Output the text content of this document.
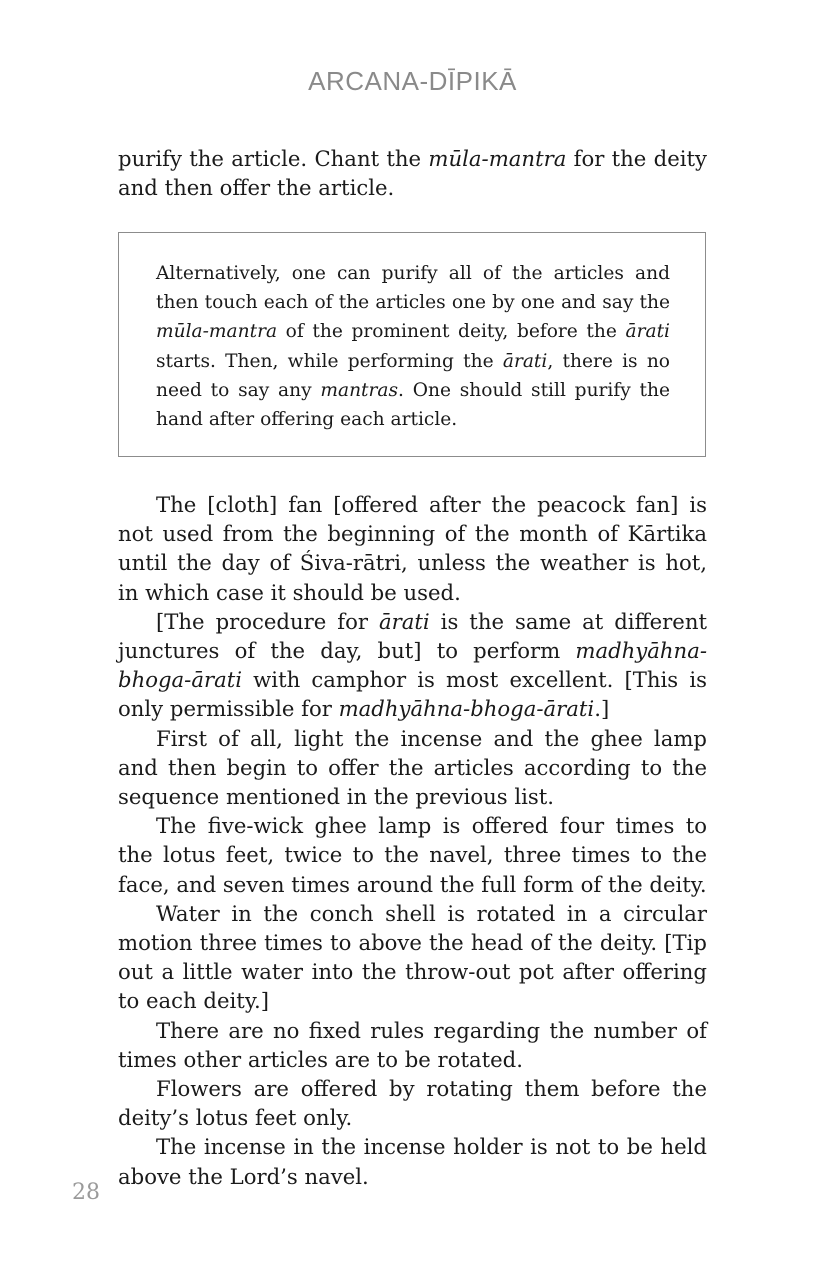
ARCANA-DĪPIKĀ

purify the article. Chant the mūla-mantra for the deity and then offer the article.

Alternatively, one can purify all of the articles and then touch each of the articles one by one and say the mūla-mantra of the prominent deity, before the ārati starts. Then, while performing the ārati, there is no need to say any mantras. One should still purify the hand after offering each article.

The [cloth] fan [offered after the peacock fan] is not used from the beginning of the month of Kārtika until the day of Śiva-rātri, unless the weather is hot, in which case it should be used.

[The procedure for ārati is the same at different junctures of the day, but] to perform madhyāhna-bhoga-ārati with camphor is most excellent. [This is only permissible for madhyāhna-bhoga-ārati.]

First of all, light the incense and the ghee lamp and then begin to offer the articles according to the sequence mentioned in the previous list.

The five-wick ghee lamp is offered four times to the lotus feet, twice to the navel, three times to the face, and seven times around the full form of the deity.

Water in the conch shell is rotated in a circular motion three times to above the head of the deity. [Tip out a little water into the throw-out pot after offering to each deity.]

There are no fixed rules regarding the number of times other articles are to be rotated.

Flowers are offered by rotating them before the deity’s lotus feet only.

The incense in the incense holder is not to be held above the Lord’s navel.

28
